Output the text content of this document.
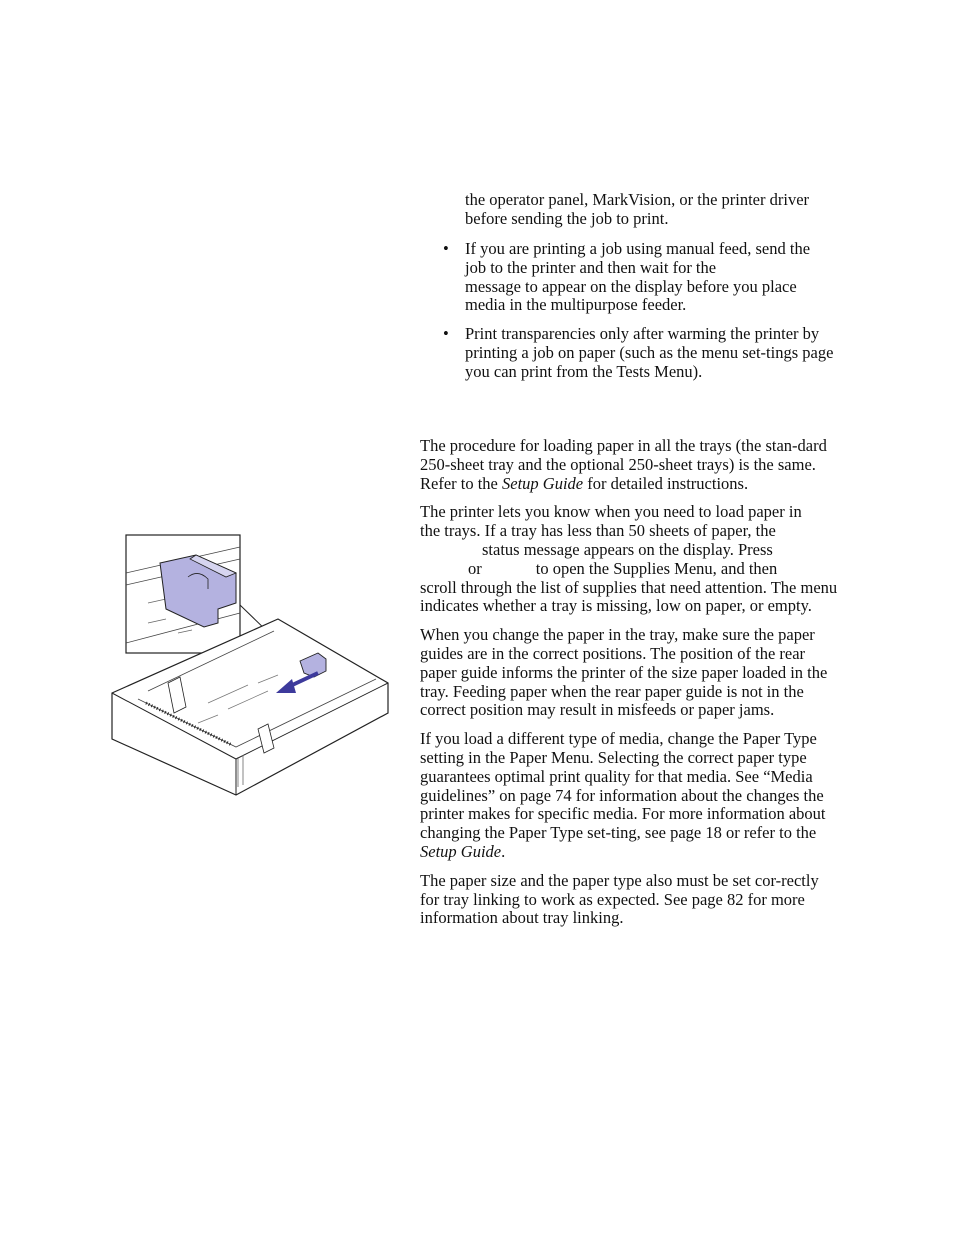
the operator panel, MarkVision, or the printer driver before sending the job to print.
• If you are printing a job using manual feed, send the
job to the printer and then wait for the
message to appear on the display before you place
media in the multipurpose feeder.
• Print transparencies only after warming the printer by printing a job on paper (such as the menu set-tings page you can print from the Tests Menu).

The procedure for loading paper in all the trays (the stan-dard 250-sheet tray and the optional 250-sheet trays) is the same. Refer to the Setup Guide for detailed instructions.

The printer lets you know when you need to load paper in
the trays. If a tray has less than 50 sheets of paper, the
status message appears on the display. Press
or	to open the Supplies Menu, and then
scroll through the list of supplies that need attention. The menu indicates whether a tray is missing, low on paper, or empty.

When you change the paper in the tray, make sure the paper guides are in the correct positions. The position of the rear paper guide informs the printer of the size paper loaded in the tray. Feeding paper when the rear paper guide is not in the correct position may result in misfeeds or paper jams.

If you load a different type of media, change the Paper Type setting in the Paper Menu. Selecting the correct paper type guarantees optimal print quality for that media. See “Media guidelines” on page 74 for information about the changes the printer makes for specific media. For more information about changing the Paper Type set-ting, see page 18 or refer to the Setup Guide.

The paper size and the paper type also must be set cor-rectly for tray linking to work as expected. See page 82 for more information about tray linking.
